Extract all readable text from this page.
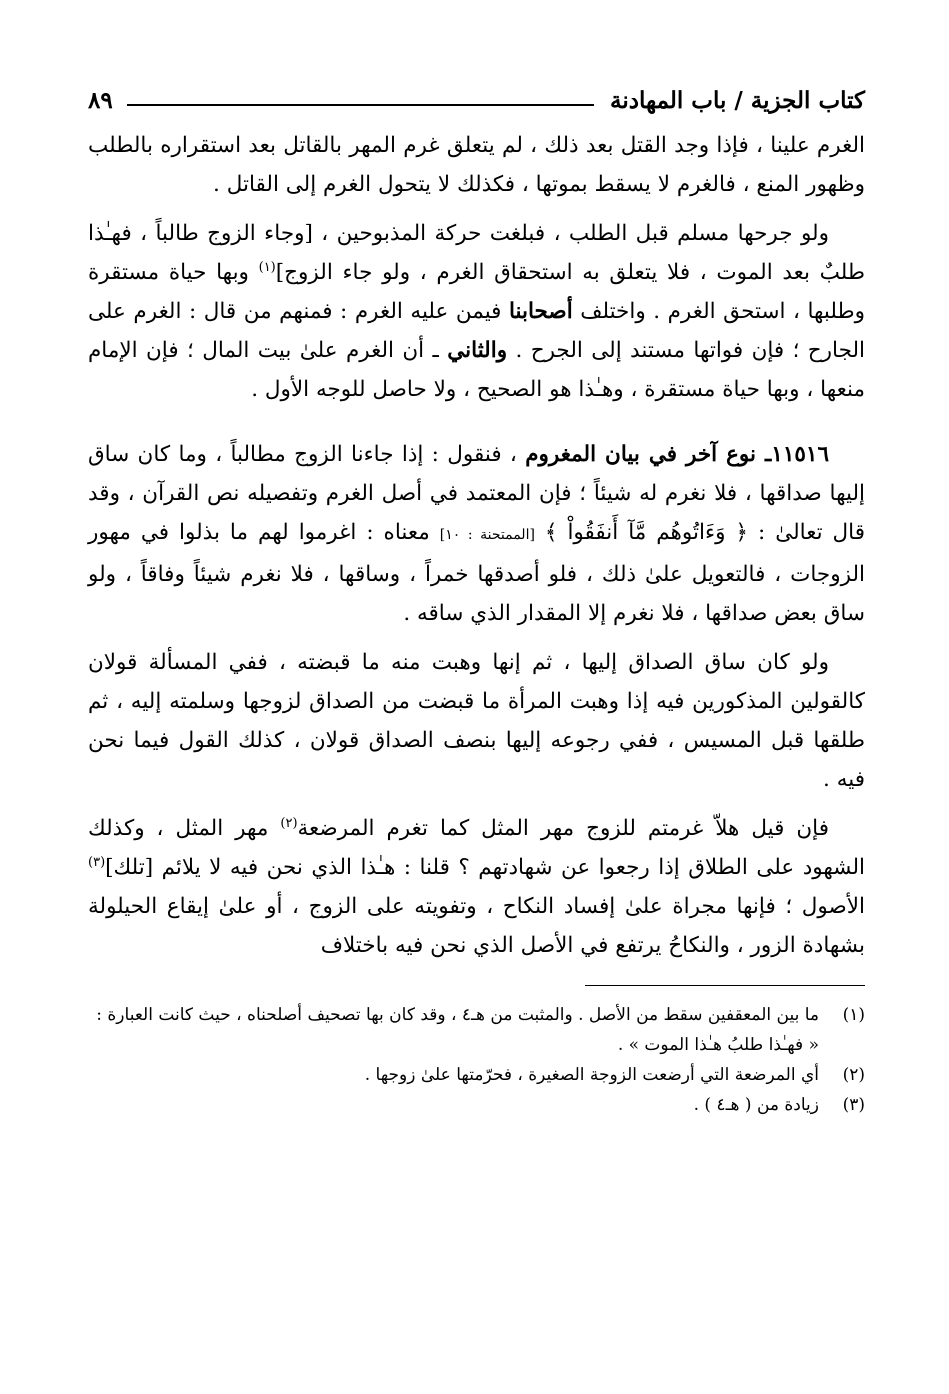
كتاب الجزية / باب المهادنة
٨٩

الغرم علينا ، فإذا وجد القتل بعد ذلك ، لم يتعلق غرم المهر بالقاتل بعد استقراره بالطلب وظهور المنع ، فالغرم لا يسقط بموتها ، فكذلك لا يتحول الغرم إلى القاتل .

ولو جرحها مسلم قبل الطلب ، فبلغت حركة المذبوحين ، [وجاء الزوج طالباً ، فهـٰذا طلبٌ بعد الموت ، فلا يتعلق به استحقاق الغرم ، ولو جاء الزوج]$^{(١)}$ وبها حياة مستقرة وطلبها ، استحق الغرم . واختلف أصحابنا فيمن عليه الغرم : فمنهم من قال : الغرم على الجارح ؛ فإن فواتها مستند إلى الجرح . والثاني ـ أن الغرم علىٰ بيت المال ؛ فإن الإمام منعها ، وبها حياة مستقرة ، وهـٰذا هو الصحيح ، ولا حاصل للوجه الأول .

١١٥١٦ـ نوع آخر في بيان المغروم ، فنقول : إذا جاءنا الزوج مطالباً ، وما كان ساق إليها صداقها ، فلا نغرم له شيئاً ؛ فإن المعتمد في أصل الغرم وتفصيله نص القرآن ، وقد قال تعالىٰ : ﴿ وَءَاتُوهُم مَّآ أَنفَقُواْ ﴾ [الممتحنة : ١٠] معناه : اغرموا لهم ما بذلوا في مهور الزوجات ، فالتعويل علىٰ ذلك ، فلو أصدقها خمراً ، وساقها ، فلا نغرم شيئاً وفاقاً ، ولو ساق بعض صداقها ، فلا نغرم إلا المقدار الذي ساقه .

ولو كان ساق الصداق إليها ، ثم إنها وهبت منه ما قبضته ، ففي المسألة قولان كالقولين المذكورين فيه إذا وهبت المرأة ما قبضت من الصداق لزوجها وسلمته إليه ، ثم طلقها قبل المسيس ، ففي رجوعه إليها بنصف الصداق قولان ، كذلك القول فيما نحن فيه .

فإن قيل هلاّ غرمتم للزوج مهر المثل كما تغرم المرضعة$^{(٢)}$ مهر المثل ، وكذلك الشهود على الطلاق إذا رجعوا عن شهادتهم ؟ قلنا : هـٰذا الذي نحن فيه لا يلائم [تلك]$^{(٣)}$ الأصول ؛ فإنها مجراة علىٰ إفساد النكاح ، وتفويته على الزوج ، أو علىٰ إيقاع الحيلولة بشهادة الزور ، والنكاحُ يرتفع في الأصل الذي نحن فيه باختلاف

(١)
ما بين المعقفين سقط من الأصل . والمثبت من هـ٤ ، وقد كان بها تصحيف أصلحناه ، حيث كانت العبارة : « فهـٰذا طلبُ هـٰذا الموت » .
(٢)
أي المرضعة التي أرضعت الزوجة الصغيرة ، فحرّمتها علىٰ زوجها .
(٣)
زيادة من ( هـ٤ ) .
